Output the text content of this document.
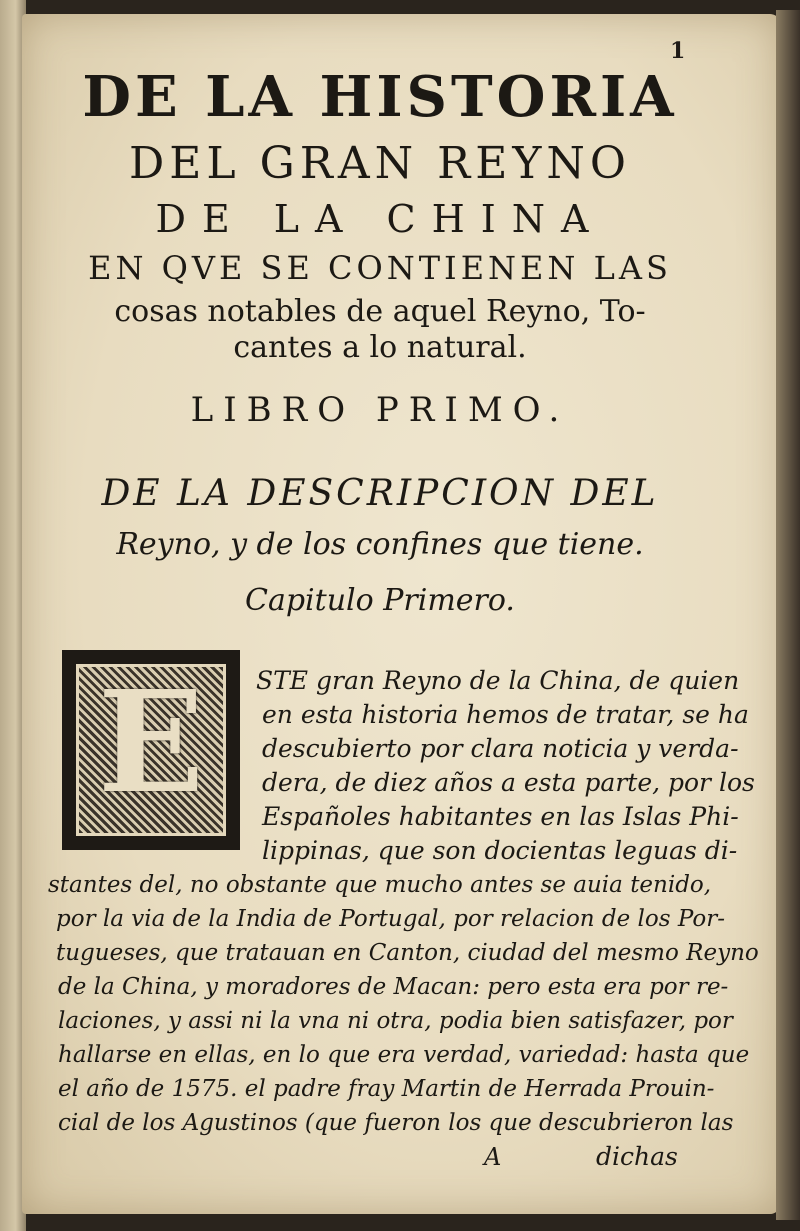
1
DE LA HISTORIA
DEL GRAN REYNO
DE LA CHINA
EN QVE SE CONTIENEN LAS
cosas notables de aquel Reyno, To-
cantes a lo natural.
LIBRO PRIMO.
DE LA DESCRIPCION DEL
Reyno, y de los confines que tiene.
Capitulo Primero.
E	STE gran Reyno de la China, de quien
en esta historia hemos de tratar, se ha
descubierto por clara noticia y verda-
dera, de diez años a esta parte, por los
Españoles habitantes en las Islas Phi-
lippinas, que son docientas leguas di-
stantes del, no obstante que mucho antes se auia tenido,
por la via de la India de Portugal, por relacion de los Por-
tugueses, que tratauan en Canton, ciudad del mesmo Reyno
de la China, y moradores de Macan: pero esta era por re-
laciones, y assi ni la vna ni otra, podia bien satisfazer, por
hallarse en ellas, en lo que era verdad, variedad: hasta que
el año de 1575. el padre fray Martin de Herrada Prouin-
cial de los Agustinos (que fueron los que descubrieron las
A	dichas
